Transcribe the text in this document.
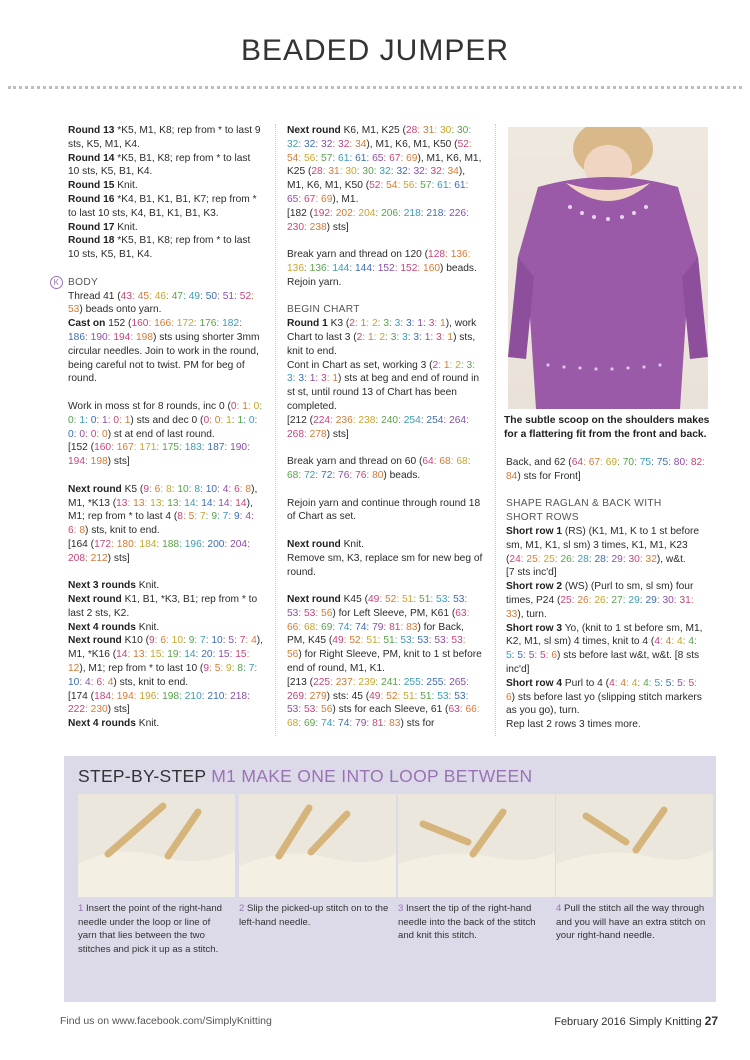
BEADED JUMPER

Round 13 *K5, M1, K8; rep from * to last 9 sts, K5, M1, K4.

Round 14 *K5, B1, K8; rep from * to last 10 sts, K5, B1, K4.

Round 15 Knit.

Round 16 *K4, B1, K1, B1, K7; rep from * to last 10 sts, K4, B1, K1, B1, K3.

Round 17 Knit.

Round 18 *K5, B1, K8; rep from * to last 10 sts, K5, B1, K4.

K BODY

Thread 41 (43: 45: 46: 47: 49: 50: 51: 52: 53) beads onto yarn.

Cast on 152 (160: 166: 172: 176: 182: 186: 190: 194: 198) sts using shorter 3mm circular needles. Join to work in the round, being careful not to twist. PM for beg of round.

Work in moss st for 8 rounds, inc 0 (0: 1: 0: 0: 1: 0: 1: 0: 1) sts and dec 0 (0: 0: 1: 1: 0: 0: 0: 0: 0) st at end of last round.

[152 (160: 167: 171: 175: 183: 187: 190: 194: 198) sts]

Next round K5 (9: 6: 8: 10: 8: 10: 4: 6: 8), M1, *K13 (13: 13: 13: 13: 14: 14: 14: 14), M1; rep from * to last 4 (8: 5: 7: 9: 7: 9: 4: 6: 8) sts, knit to end.

[164 (172: 180: 184: 188: 196: 200: 204: 208: 212) sts]

Next 3 rounds Knit.

Next round K1, B1, *K3, B1; rep from * to last 2 sts, K2.

Next 4 rounds Knit.

Next round K10 (9: 6: 10: 9: 7: 10: 5: 7: 4), M1, *K16 (14: 13: 15: 19: 14: 20: 15: 15: 12), M1; rep from * to last 10 (9: 5: 9: 8: 7: 10: 4: 6: 4) sts, knit to end.

[174 (184: 194: 196: 198: 210: 210: 218: 222: 230) sts]

Next 4 rounds Knit.

Next round K6, M1, K25 (28: 31: 30: 30: 32: 32: 32: 32: 34), M1, K6, M1, K50 (52: 54: 56: 57: 61: 61: 65: 67: 69), M1, K6, M1, K25 (28: 31: 30: 30: 32: 32: 32: 32: 34), M1, K6, M1, K50 (52: 54: 56: 57: 61: 61: 65: 67: 69), M1.

[182 (192: 202: 204: 206: 218: 218: 226: 230: 238) sts]

Break yarn and thread on 120 (128: 136: 136: 136: 144: 144: 152: 152: 160) beads. Rejoin yarn.

BEGIN CHART

Round 1 K3 (2: 1: 2: 3: 3: 3: 1: 3: 1), work Chart to last 3 (2: 1: 2: 3: 3: 3: 1: 3: 1) sts, knit to end.

Cont in Chart as set, working 3 (2: 1: 2: 3: 3: 3: 1: 3: 1) sts at beg and end of round in st st, until round 13 of Chart has been completed.

[212 (224: 236: 238: 240: 254: 254: 264: 268: 278) sts]

Break yarn and thread on 60 (64: 68: 68: 68: 72: 72: 76: 76: 80) beads.

Rejoin yarn and continue through round 18 of Chart as set.

Next round Knit.

Remove sm, K3, replace sm for new beg of round.

Next round K45 (49: 52: 51: 51: 53: 53: 53: 53: 56) for Left Sleeve, PM, K61 (63: 66: 68: 69: 74: 74: 79: 81: 83) for Back, PM, K45 (49: 52: 51: 51: 53: 53: 53: 53: 56) for Right Sleeve, PM, knit to 1 st before end of round, M1, K1.

[213 (225: 237: 239: 241: 255: 255: 265: 269: 279) sts: 45 (49: 52: 51: 51: 53: 53: 53: 53: 56) sts for each Sleeve, 61 (63: 66: 68: 69: 74: 74: 79: 81: 83) sts for

The subtle scoop on the shoulders makes for a flattering fit from the front and back.

Back, and 62 (64: 67: 69: 70: 75: 75: 80: 82: 84) sts for Front]

SHAPE RAGLAN & BACK WITH

SHORT ROWS

Short row 1 (RS) (K1, M1, K to 1 st before sm, M1, K1, sl sm) 3 times, K1, M1, K23 (24: 25: 25: 26: 28: 28: 29: 30: 32), w&t.

[7 sts inc'd]

Short row 2 (WS) (Purl to sm, sl sm) four times, P24 (25: 26: 26: 27: 29: 29: 30: 31: 33), turn.

Short row 3 Yo, (knit to 1 st before sm, M1, K2, M1, sl sm) 4 times, knit to 4 (4: 4: 4: 4: 5: 5: 5: 5: 6) sts before last w&t, w&t. [8 sts inc'd]

Short row 4 Purl to 4 (4: 4: 4: 4: 5: 5: 5: 5: 6) sts before last yo (slipping stitch markers as you go), turn.

Rep last 2 rows 3 times more.

STEP-BY-STEP M1 MAKE ONE INTO LOOP BETWEEN
1 Insert the point of the right-hand needle under the loop or line of yarn that lies between the two stitches and pick it up as a stitch.
2 Slip the picked-up stitch on to the left-hand needle.
3 Insert the tip of the right-hand needle into the back of the stitch and knit this stitch.
4 Pull the stitch all the way through and you will have an extra stitch on your right-hand needle.
Find us on www.facebook.com/SimplyKnitting	February 2016 Simply Knitting 27
